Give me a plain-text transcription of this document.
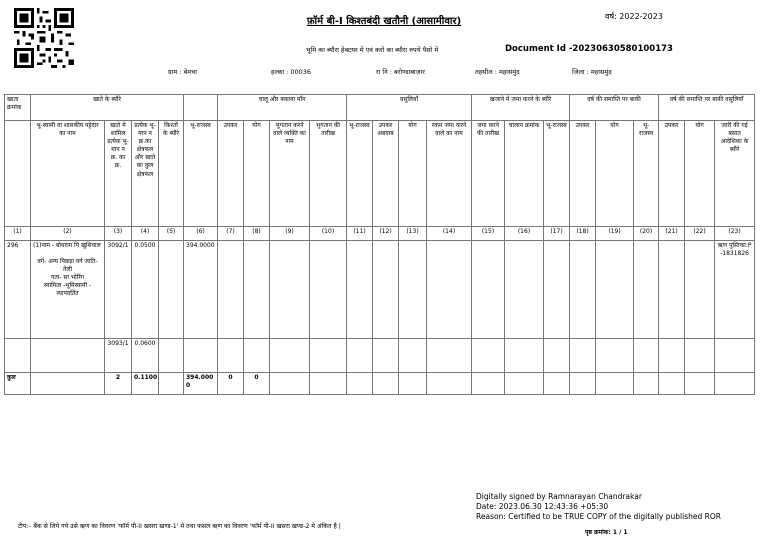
फ़ॉर्म बी-I किश्तबंदी खतौनी (आसामीवार)	वर्ष: 2022-2023
भूमि का ब्यौरा हेक्टयर मे एवं करो का ब्यौरा रुपये पैसो मे	Document Id -20230630580100173
ग्राम : बेमचा	हल्का : 00036	रा नि : बरोण्डाबाज़ार	तहसील : महासमुंद	जिला : महासमुंद
खाता क्रमांक	खाते के ब्यौरे					चालू और बकाया मॉंग				वसूलियॉं				खजाने मे जमा करने के ब्यौरे			वर्ष की समाप्ति पर बाकी			वर्ष की समाप्ति पर बाकी वसूलियॉं			
	भू-स्वामी या शासकीय पट्टेदार का नाम	खाते मे शामिल प्रत्येक भू-माप न क्र. का क्र.	प्रत्येक भू-माप न क्र.का क्षेत्रफल और खाते का कुल क्षेत्रफल	किश्तों के ब्यौरे	भू-राजस्व	उपकर	योग	भुगतान करने वाले व्यक्ति का नाम	भुगतान की तारीख	भू-राजस्व	उपकर अबवाब	योग	रकम जमा करने वाले का नाम	जमा करने की तारीख	चालान क्रमांक	भू-राजस्व	उपकर	योग	भू-राजस्व	उपकर	योग	जारी की गई बसात आदेशिका के ब्यौरे	
(1)	(2)	(3)	(4)	(5)	(6)	(7)	(8)	(9)	(10)	(11)	(12)	(13)	(14)	(15)	(16)	(17)	(18)	(19)	(20)	(21)	(22)	(23)	
296	(1)नाम - बोधराम पि खुशियाल
वर्ग- अन्य पिछड़ा वर्ग जाति- तेली
पता- सा भोरिंग
स्वामित्व -भूमिस्वामी - व्यापवर्तित	3092/1	0.0500		394.0000																	ऋण पुस्तिका:P-1831826	
		3093/1	0.0600																				
कुल		2	0.1100		394.0000	0	0																
Digitally signed by Ramnarayan Chandrakar
Date: 2023.06.30 12:43:36 +05:30
Reason: Certified to be TRUE COPY of the digitally published ROR
टीप:– बैंक से लिये गये उसे ऋण का विवरण 'फॉर्म पी-II खसरा खण्ड-1' मे तथा फसल ऋण का विवरण 'फॉर्म पी-II खसरा खण्ड-2 मे अंकित है |
पृष्ठ क्रमांक: 1 / 1
